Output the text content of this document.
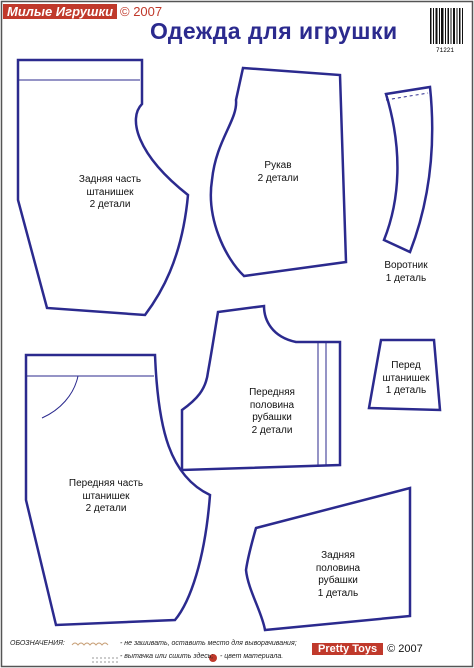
Милые Игрушки © 2007
Одежда для игрушки
71221
Задняя часть
штанишек
2 детали
Рукав
2 детали
Воротник
1 деталь
Перед
штанишек
1 деталь
Передняя
половина
рубашки
2 детали
Передняя часть
штанишек
2 детали
Задняя
половина
рубашки
1 деталь
ОБОЗНАЧЕНИЯ:	- не зашивать, оставить место для выворачивания;
- вытачка или сшить здесь; - цвет материала.
Pretty Toys © 2007
